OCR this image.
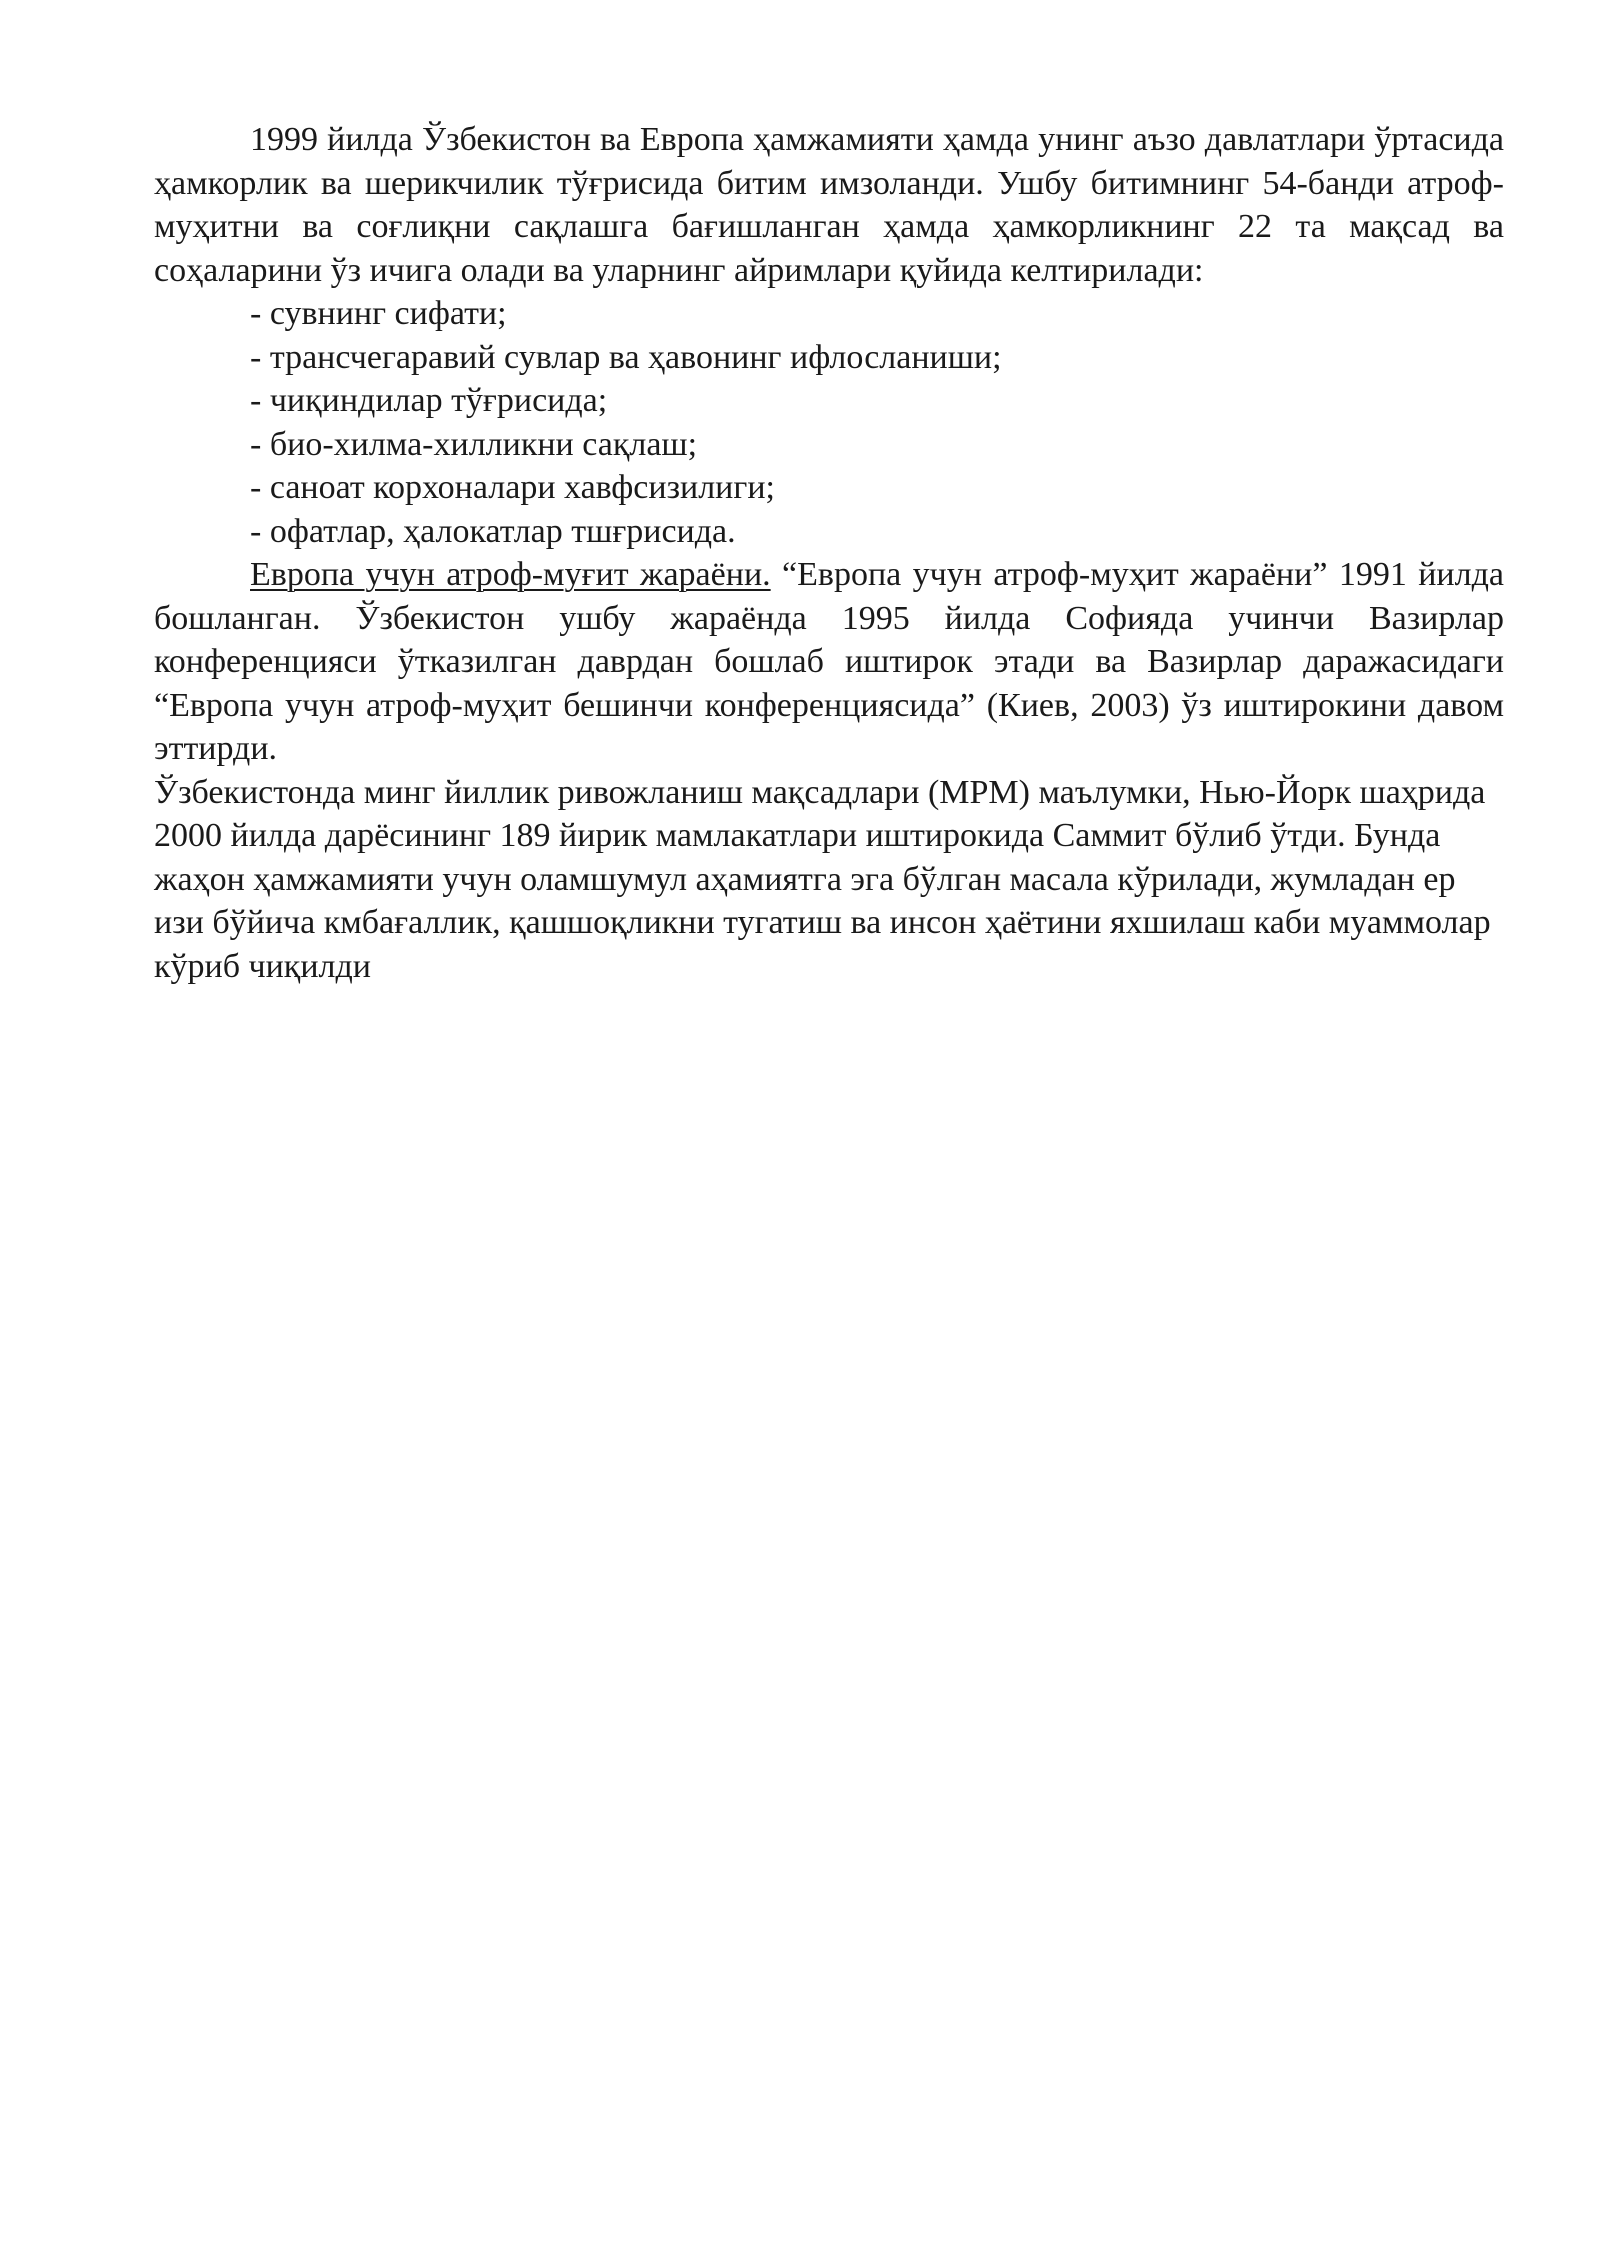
1999 йилда Ўзбекистон ва Европа ҳамжамияти ҳамда унинг аъзо давлатлари ўртасида ҳамкорлик ва шерикчилик тўғрисида битим имзоланди. Ушбу битимнинг 54-банди атроф-муҳитни ва соғлиқни сақлашга бағишланган ҳамда ҳамкорликнинг 22 та мақсад ва соҳаларини ўз ичига олади ва уларнинг айримлари қуйида келтирилади:

- сувнинг сифати;
- трансчегаравий сувлар ва ҳавонинг ифлосланиши;
- чиқиндилар тўғрисида;
- био-хилма-хилликни сақлаш;
- саноат корхоналари хавфсизилиги;
- офатлар, ҳалокатлар тшғрисида.

Европа учун атроф-муғит жараёни. “Европа учун атроф-муҳит жараёни” 1991 йилда бошланган. Ўзбекистон ушбу жараёнда 1995 йилда Софияда учинчи Вазирлар конференцияси ўтказилган даврдан бошлаб иштирок этади ва Вазирлар даражасидаги “Европа учун атроф-муҳит бешинчи конференциясида” (Киев, 2003) ўз иштирокини давом эттирди.

Ўзбекистонда минг йиллик ривожланиш мақсадлари (МРМ) маълумки, Нью-Йорк шаҳрида 2000 йилда дарёсининг 189 йирик мамлакатлари иштирокида Саммит бўлиб ўтди. Бунда жаҳон ҳамжамияти учун оламшумул аҳамиятга эга бўлган масала кўрилади, жумладан ер изи бўйича кмбағаллик, қашшоқликни тугатиш ва инсон ҳаётини яхшилаш каби муаммолар кўриб чиқилди
